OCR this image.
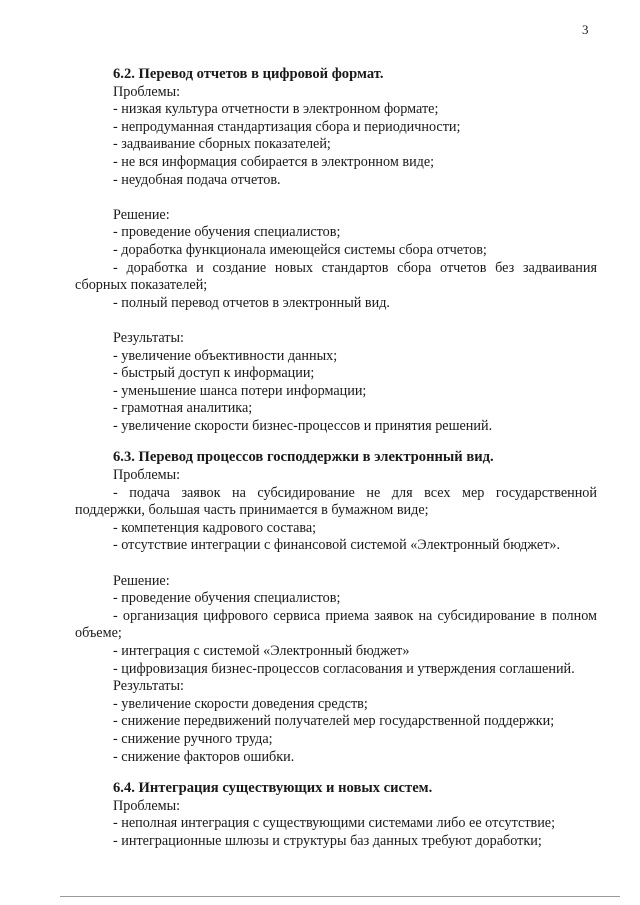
3
6.2. Перевод отчетов в цифровой формат.
Проблемы:
- низкая культура отчетности в электронном формате;
- непродуманная стандартизация сбора и периодичности;
- задваивание сборных показателей;
- не вся информация собирается в электронном виде;
- неудобная подача отчетов.
Решение:
- проведение обучения специалистов;
- доработка функционала имеющейся системы сбора отчетов;
- доработка и создание новых стандартов сбора отчетов без задваивания сборных показателей;
- полный перевод отчетов в электронный вид.
Результаты:
- увеличение объективности данных;
- быстрый доступ к информации;
- уменьшение шанса потери информации;
- грамотная аналитика;
- увеличение скорости бизнес-процессов и принятия решений.
6.3. Перевод процессов господдержки в электронный вид.
Проблемы:
- подача заявок на субсидирование не для всех мер государственной поддержки, большая часть принимается в бумажном виде;
- компетенция кадрового состава;
- отсутствие интеграции с финансовой системой «Электронный бюджет».
Решение:
- проведение обучения специалистов;
- организация цифрового сервиса приема заявок на субсидирование в полном объеме;
- интеграция с системой «Электронный бюджет»
- цифровизация бизнес-процессов согласования и утверждения соглашений.
Результаты:
- увеличение скорости доведения средств;
- снижение передвижений получателей мер государственной поддержки;
- снижение ручного труда;
- снижение факторов ошибки.
6.4. Интеграция существующих и новых систем.
Проблемы:
- неполная интеграция с существующими системами либо ее отсутствие;
- интеграционные шлюзы и структуры баз данных требуют доработки;
